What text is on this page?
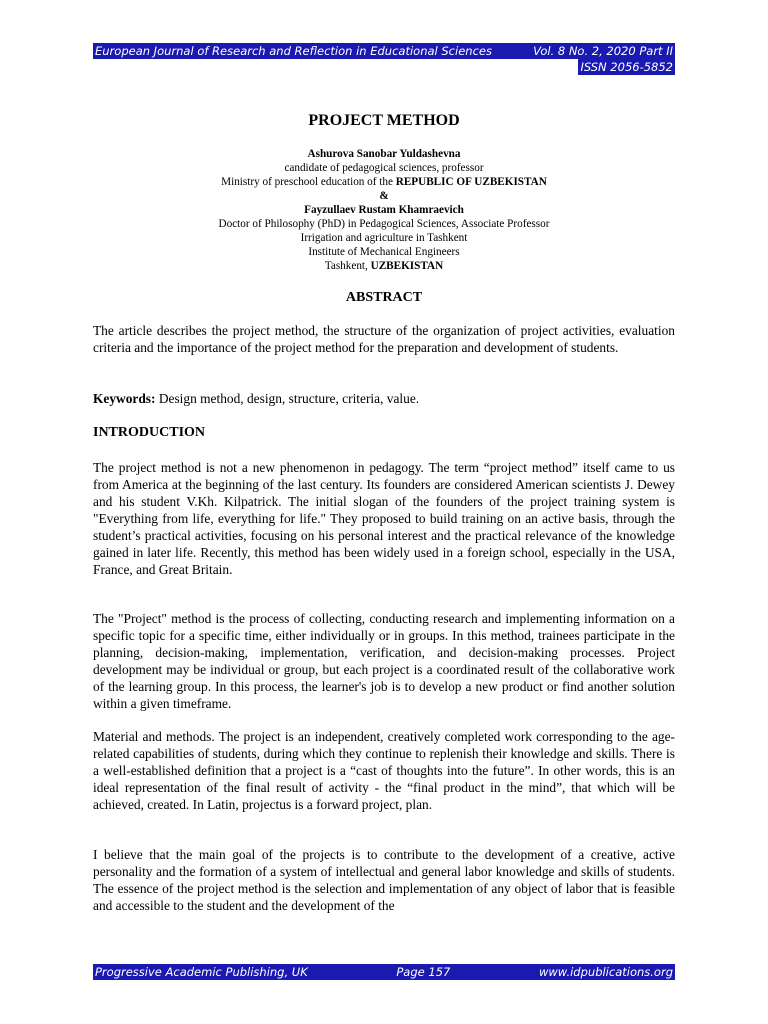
European Journal of Research and Reflection in Educational Sciences	Vol. 8 No. 2, 2020 Part II
ISSN 2056-5852
PROJECT METHOD
Ashurova Sanobar Yuldashevna
candidate of pedagogical sciences, professor
Ministry of preschool education of the REPUBLIC OF UZBEKISTAN
&
Fayzullaev Rustam Khamraevich
Doctor of Philosophy (PhD) in Pedagogical Sciences, Associate Professor
Irrigation and agriculture in Tashkent
Institute of Mechanical Engineers
Tashkent, UZBEKISTAN
ABSTRACT
The article describes the project method, the structure of the organization of project activities, evaluation criteria and the importance of the project method for the preparation and development of students.
Keywords: Design method, design, structure, criteria, value.
INTRODUCTION
The project method is not a new phenomenon in pedagogy. The term “project method” itself came to us from America at the beginning of the last century. Its founders are considered American scientists J. Dewey and his student V.Kh. Kilpatrick. The initial slogan of the founders of the project training system is "Everything from life, everything for life." They proposed to build training on an active basis, through the student’s practical activities, focusing on his personal interest and the practical relevance of the knowledge gained in later life. Recently, this method has been widely used in a foreign school, especially in the USA, France, and Great Britain.
The "Project" method is the process of collecting, conducting research and implementing information on a specific topic for a specific time, either individually or in groups. In this method, trainees participate in the planning, decision-making, implementation, verification, and decision-making processes. Project development may be individual or group, but each project is a coordinated result of the collaborative work of the learning group. In this process, the learner's job is to develop a new product or find another solution within a given timeframe.
Material and methods. The project is an independent, creatively completed work corresponding to the age-related capabilities of students, during which they continue to replenish their knowledge and skills. There is a well-established definition that a project is a “cast of thoughts into the future”. In other words, this is an ideal representation of the final result of activity - the “final product in the mind”, that which will be achieved, created. In Latin, projectus is a forward project, plan.
I believe that the main goal of the projects is to contribute to the development of a creative, active personality and the formation of a system of intellectual and general labor knowledge and skills of students. The essence of the project method is the selection and implementation of any object of labor that is feasible and accessible to the student and the development of the
Progressive Academic Publishing, UK	Page 157	www.idpublications.org
